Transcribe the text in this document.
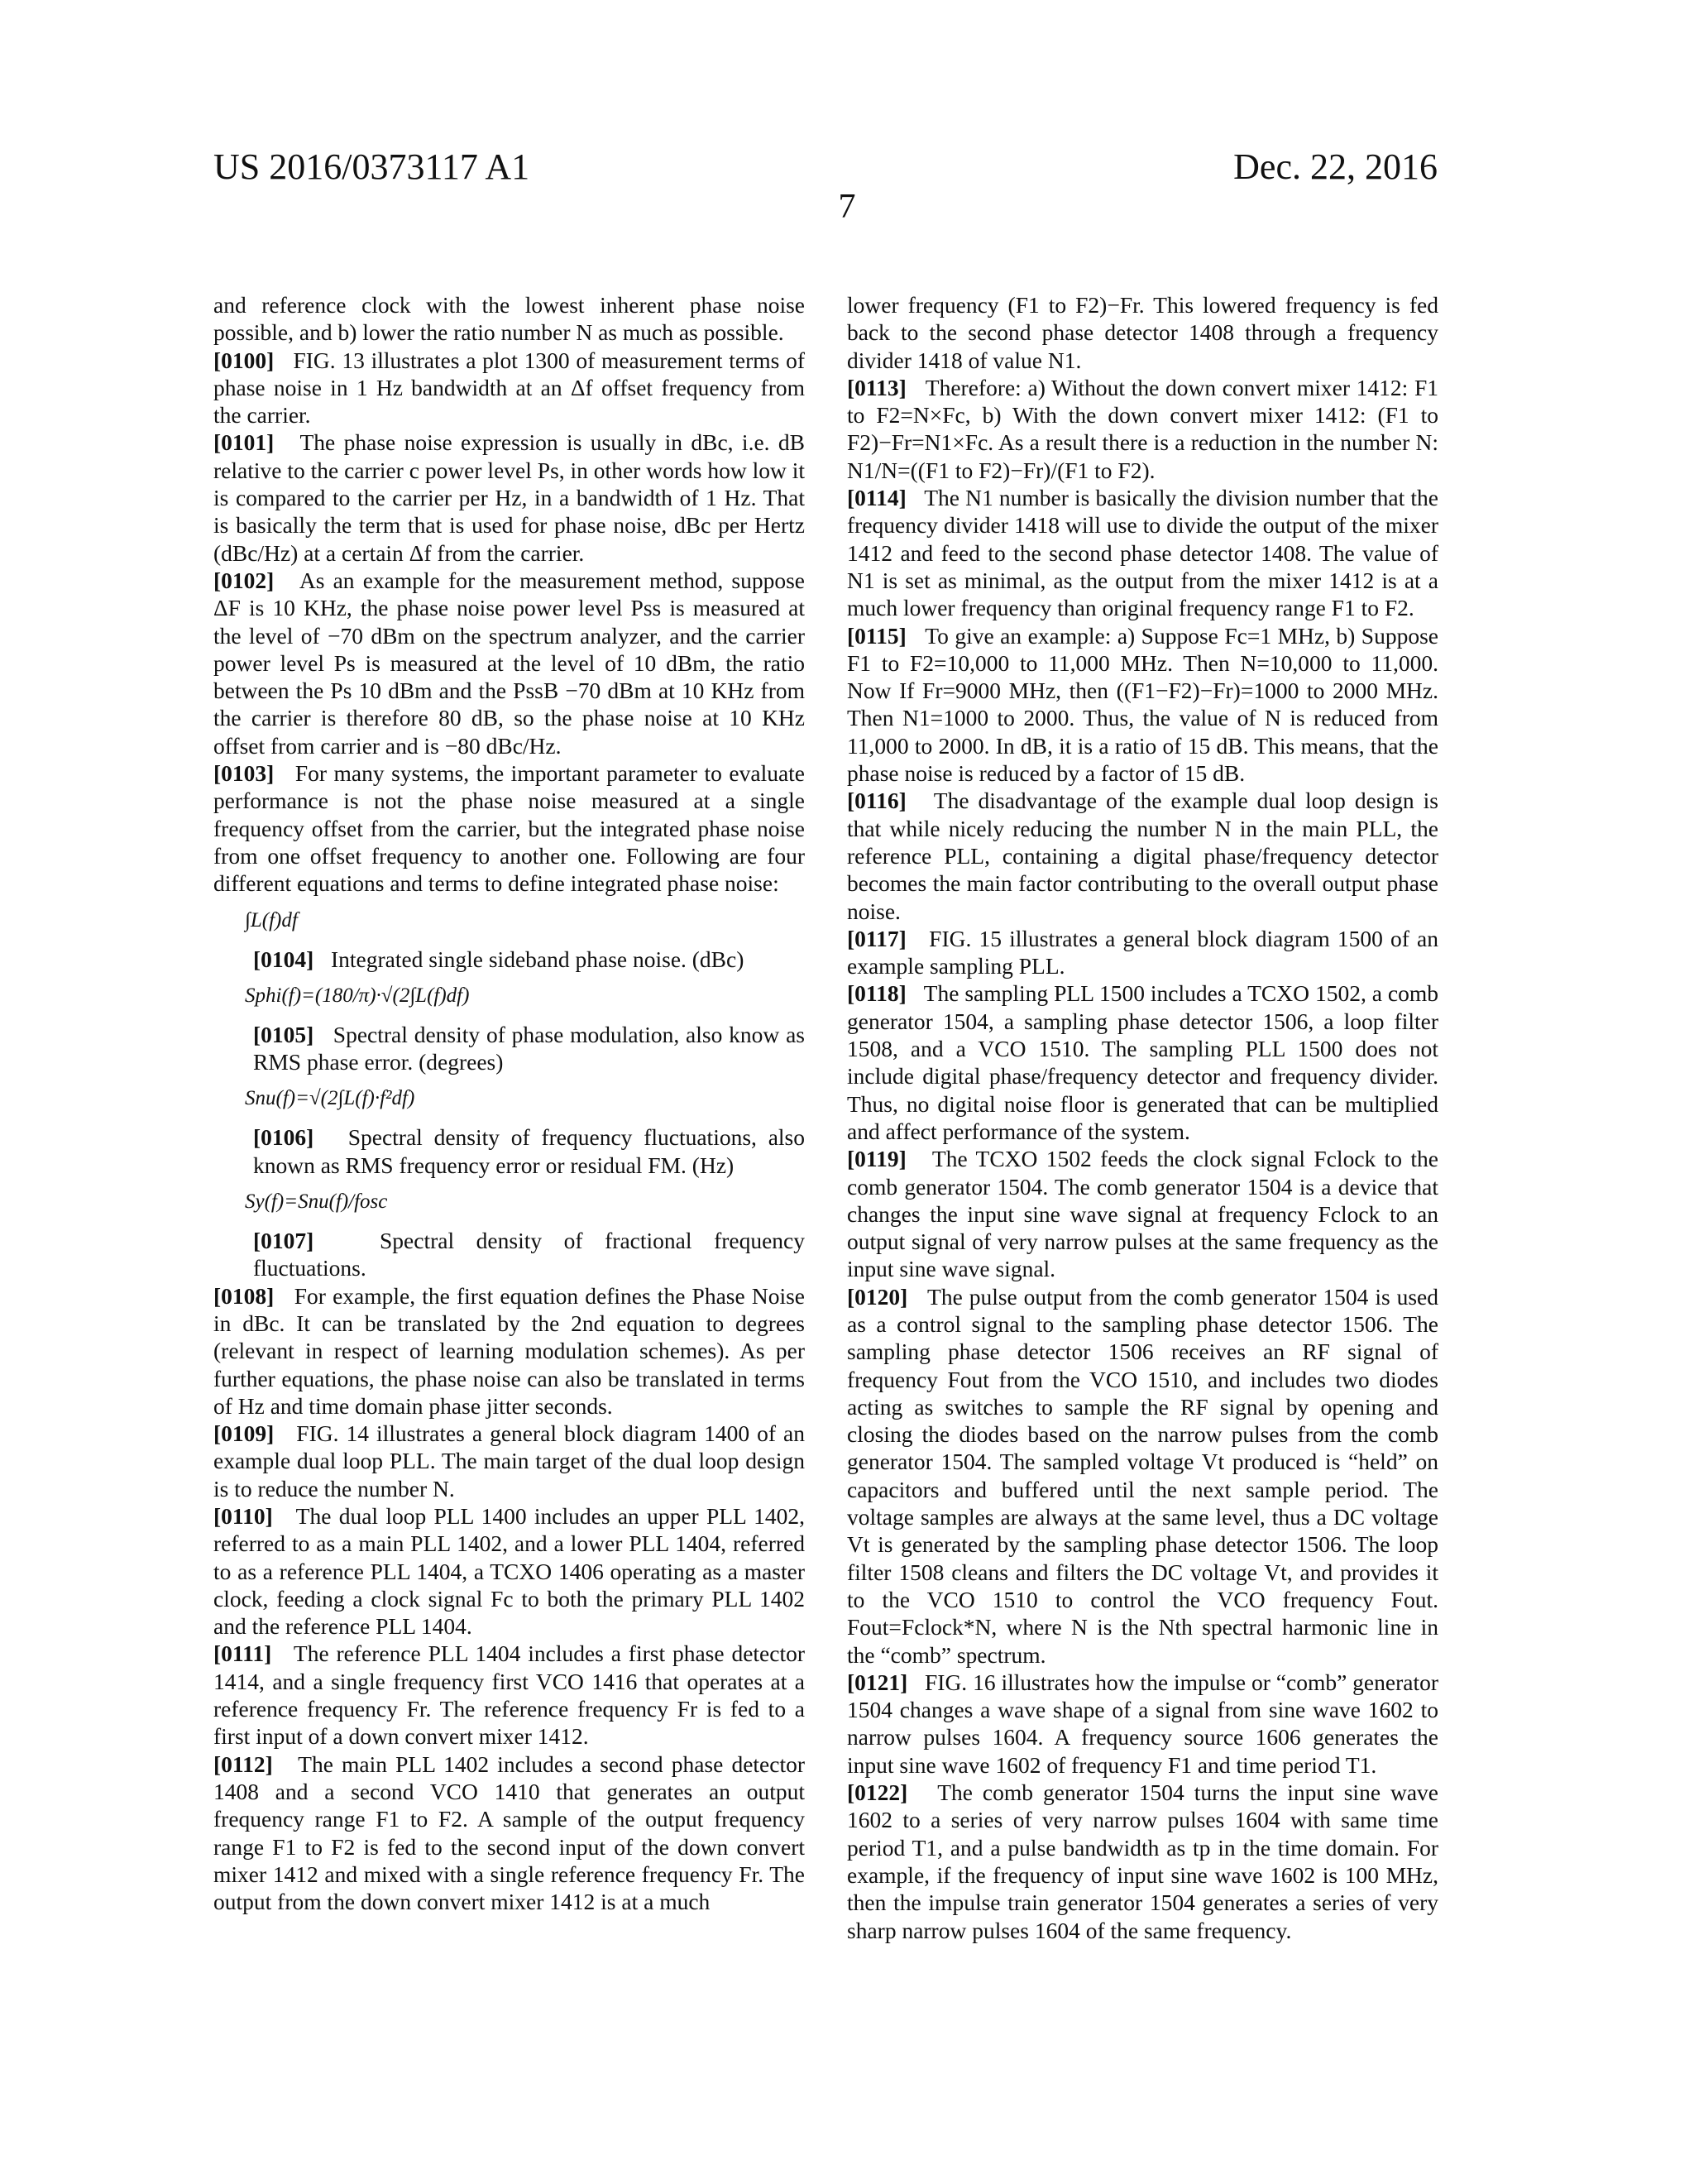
US 2016/0373117 A1	Dec. 22, 2016
7

and reference clock with the lowest inherent phase noise possible, and b) lower the ratio number N as much as possible.

[0100] FIG. 13 illustrates a plot 1300 of measurement terms of phase noise in 1 Hz bandwidth at an Δf offset frequency from the carrier.

[0101] The phase noise expression is usually in dBc, i.e. dB relative to the carrier c power level Ps, in other words how low it is compared to the carrier per Hz, in a bandwidth of 1 Hz. That is basically the term that is used for phase noise, dBc per Hertz (dBc/Hz) at a certain Δf from the carrier.

[0102] As an example for the measurement method, suppose ΔF is 10 KHz, the phase noise power level Pss is measured at the level of −70 dBm on the spectrum analyzer, and the carrier power level Ps is measured at the level of 10 dBm, the ratio between the Ps 10 dBm and the PssB −70 dBm at 10 KHz from the carrier is therefore 80 dB, so the phase noise at 10 KHz offset from carrier and is −80 dBc/Hz.

[0103] For many systems, the important parameter to evaluate performance is not the phase noise measured at a single frequency offset from the carrier, but the integrated phase noise from one offset frequency to another one. Following are four different equations and terms to define integrated phase noise:

∫L(f)df

[0104] Integrated single sideband phase noise. (dBc)

Sphi(f)=(180/π)·√(2∫L(f)df)

[0105] Spectral density of phase modulation, also know as RMS phase error. (degrees)

Snu(f)=√(2∫L(f)·f²df)

[0106] Spectral density of frequency fluctuations, also known as RMS frequency error or residual FM. (Hz)

Sy(f)=Snu(f)/fosc

[0107]	Spectral density of fractional frequency fluctuations.

[0108] For example, the first equation defines the Phase Noise in dBc. It can be translated by the 2nd equation to degrees (relevant in respect of learning modulation schemes). As per further equations, the phase noise can also be translated in terms of Hz and time domain phase jitter seconds.

[0109] FIG. 14 illustrates a general block diagram 1400 of an example dual loop PLL. The main target of the dual loop design is to reduce the number N.

[0110] The dual loop PLL 1400 includes an upper PLL 1402, referred to as a main PLL 1402, and a lower PLL 1404, referred to as a reference PLL 1404, a TCXO 1406 operating as a master clock, feeding a clock signal Fc to both the primary PLL 1402 and the reference PLL 1404.

[0111] The reference PLL 1404 includes a first phase detector 1414, and a single frequency first VCO 1416 that operates at a reference frequency Fr. The reference frequency Fr is fed to a first input of a down convert mixer 1412.

[0112] The main PLL 1402 includes a second phase detector 1408 and a second VCO 1410 that generates an output frequency range F1 to F2. A sample of the output frequency range F1 to F2 is fed to the second input of the down convert mixer 1412 and mixed with a single reference frequency Fr. The output from the down convert mixer 1412 is at a much

lower frequency (F1 to F2)−Fr. This lowered frequency is fed back to the second phase detector 1408 through a frequency divider 1418 of value N1.

[0113] Therefore: a) Without the down convert mixer 1412: F1 to F2=N×Fc, b) With the down convert mixer 1412: (F1 to F2)−Fr=N1×Fc. As a result there is a reduction in the number N: N1/N=((F1 to F2)−Fr)/(F1 to F2).

[0114] The N1 number is basically the division number that the frequency divider 1418 will use to divide the output of the mixer 1412 and feed to the second phase detector 1408. The value of N1 is set as minimal, as the output from the mixer 1412 is at a much lower frequency than original frequency range F1 to F2.

[0115] To give an example: a) Suppose Fc=1 MHz, b) Suppose F1 to F2=10,000 to 11,000 MHz. Then N=10,000 to 11,000. Now If Fr=9000 MHz, then ((F1−F2)−Fr)=1000 to 2000 MHz. Then N1=1000 to 2000. Thus, the value of N is reduced from 11,000 to 2000. In dB, it is a ratio of 15 dB. This means, that the phase noise is reduced by a factor of 15 dB.

[0116] The disadvantage of the example dual loop design is that while nicely reducing the number N in the main PLL, the reference PLL, containing a digital phase/frequency detector becomes the main factor contributing to the overall output phase noise.

[0117] FIG. 15 illustrates a general block diagram 1500 of an example sampling PLL.

[0118] The sampling PLL 1500 includes a TCXO 1502, a comb generator 1504, a sampling phase detector 1506, a loop filter 1508, and a VCO 1510. The sampling PLL 1500 does not include digital phase/frequency detector and frequency divider. Thus, no digital noise floor is generated that can be multiplied and affect performance of the system.

[0119] The TCXO 1502 feeds the clock signal Fclock to the comb generator 1504. The comb generator 1504 is a device that changes the input sine wave signal at frequency Fclock to an output signal of very narrow pulses at the same frequency as the input sine wave signal.

[0120] The pulse output from the comb generator 1504 is used as a control signal to the sampling phase detector 1506. The sampling phase detector 1506 receives an RF signal of frequency Fout from the VCO 1510, and includes two diodes acting as switches to sample the RF signal by opening and closing the diodes based on the narrow pulses from the comb generator 1504. The sampled voltage Vt produced is “held” on capacitors and buffered until the next sample period. The voltage samples are always at the same level, thus a DC voltage Vt is generated by the sampling phase detector 1506. The loop filter 1508 cleans and filters the DC voltage Vt, and provides it to the VCO 1510 to control the VCO frequency Fout. Fout=Fclock*N, where N is the Nth spectral harmonic line in the “comb” spectrum.

[0121] FIG. 16 illustrates how the impulse or “comb” generator 1504 changes a wave shape of a signal from sine wave 1602 to narrow pulses 1604. A frequency source 1606 generates the input sine wave 1602 of frequency F1 and time period T1.

[0122] The comb generator 1504 turns the input sine wave 1602 to a series of very narrow pulses 1604 with same time period T1, and a pulse bandwidth as tp in the time domain. For example, if the frequency of input sine wave 1602 is 100 MHz, then the impulse train generator 1504 generates a series of very sharp narrow pulses 1604 of the same frequency.
